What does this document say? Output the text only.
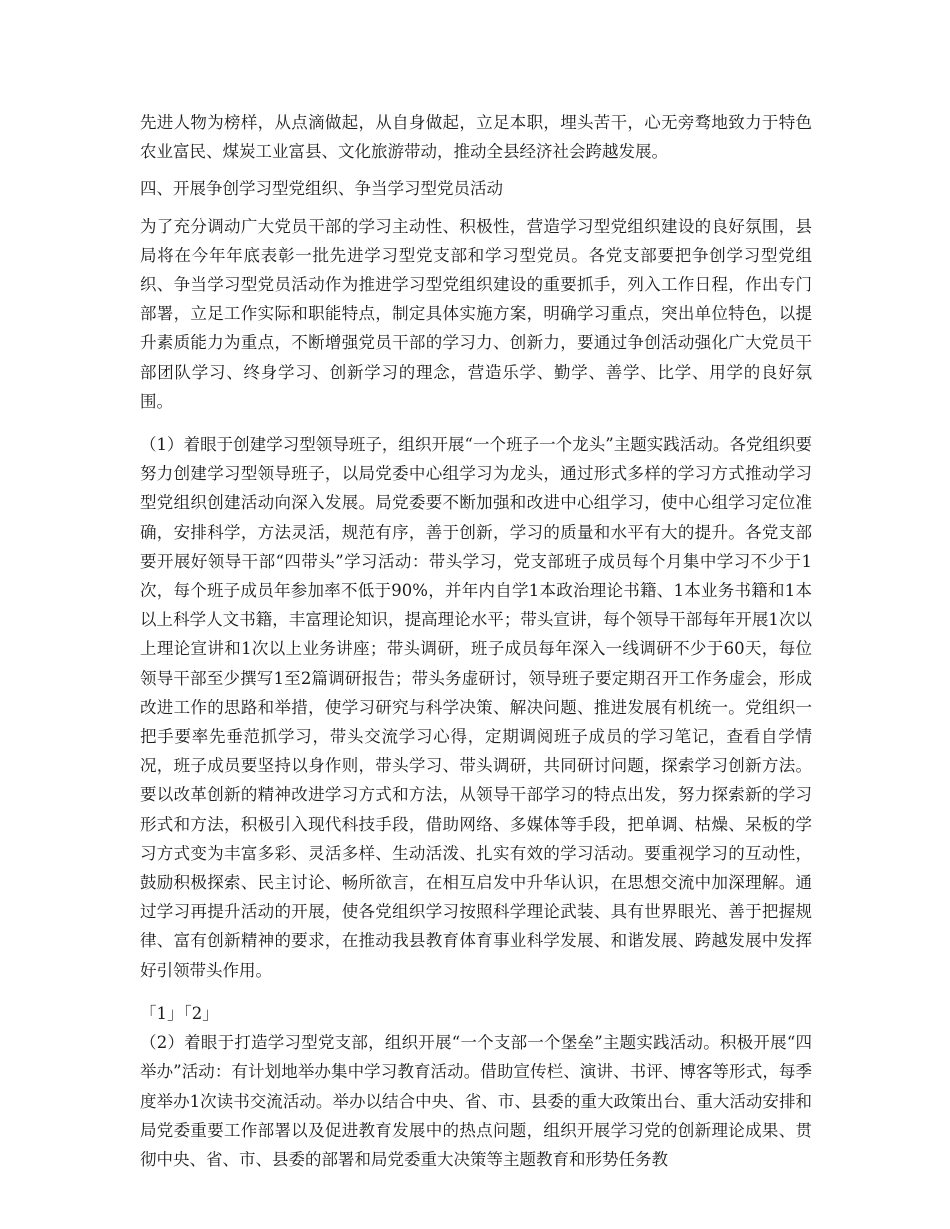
先进人物为榜样，从点滴做起，从自身做起，立足本职，埋头苦干，心无旁骛地致力于特色农业富民、煤炭工业富县、文化旅游带动，推动全县经济社会跨越发展。

四、开展争创学习型党组织、争当学习型党员活动

为了充分调动广大党员干部的学习主动性、积极性，营造学习型党组织建设的良好氛围，县局将在今年年底表彰一批先进学习型党支部和学习型党员。各党支部要把争创学习型党组织、争当学习型党员活动作为推进学习型党组织建设的重要抓手，列入工作日程，作出专门部署，立足工作实际和职能特点，制定具体实施方案，明确学习重点，突出单位特色，以提升素质能力为重点，不断增强党员干部的学习力、创新力，要通过争创活动强化广大党员干部团队学习、终身学习、创新学习的理念，营造乐学、勤学、善学、比学、用学的良好氛围。

（1）着眼于创建学习型领导班子，组织开展“一个班子一个龙头”主题实践活动。各党组织要努力创建学习型领导班子，以局党委中心组学习为龙头，通过形式多样的学习方式推动学习型党组织创建活动向深入发展。局党委要不断加强和改进中心组学习，使中心组学习定位准确，安排科学，方法灵活，规范有序，善于创新，学习的质量和水平有大的提升。各党支部要开展好领导干部“四带头”学习活动：带头学习，党支部班子成员每个月集中学习不少于1次，每个班子成员年参加率不低于90%，并年内自学1本政治理论书籍、1本业务书籍和1本以上科学人文书籍，丰富理论知识，提高理论水平；带头宣讲，每个领导干部每年开展1次以上理论宣讲和1次以上业务讲座；带头调研，班子成员每年深入一线调研不少于60天，每位领导干部至少撰写1至2篇调研报告；带头务虚研讨，领导班子要定期召开工作务虚会，形成改进工作的思路和举措，使学习研究与科学决策、解决问题、推进发展有机统一。党组织一把手要率先垂范抓学习，带头交流学习心得，定期调阅班子成员的学习笔记，查看自学情况，班子成员要坚持以身作则，带头学习、带头调研，共同研讨问题，探索学习创新方法。要以改革创新的精神改进学习方式和方法，从领导干部学习的特点出发，努力探索新的学习形式和方法，积极引入现代科技手段，借助网络、多媒体等手段，把单调、枯燥、呆板的学习方式变为丰富多彩、灵活多样、生动活泼、扎实有效的学习活动。要重视学习的互动性，鼓励积极探索、民主讨论、畅所欲言，在相互启发中升华认识，在思想交流中加深理解。通过学习再提升活动的开展，使各党组织学习按照科学理论武装、具有世界眼光、善于把握规律、富有创新精神的要求，在推动我县教育体育事业科学发展、和谐发展、跨越发展中发挥好引领带头作用。

「1」「2」

（2）着眼于打造学习型党支部，组织开展“一个支部一个堡垒”主题实践活动。积极开展“四举办”活动：有计划地举办集中学习教育活动。借助宣传栏、演讲、书评、博客等形式，每季度举办1次读书交流活动。举办以结合中央、省、市、县委的重大政策出台、重大活动安排和局党委重要工作部署以及促进教育发展中的热点问题，组织开展学习党的创新理论成果、贯彻中央、省、市、县委的部署和局党委重大决策等主题教育和形势任务教
